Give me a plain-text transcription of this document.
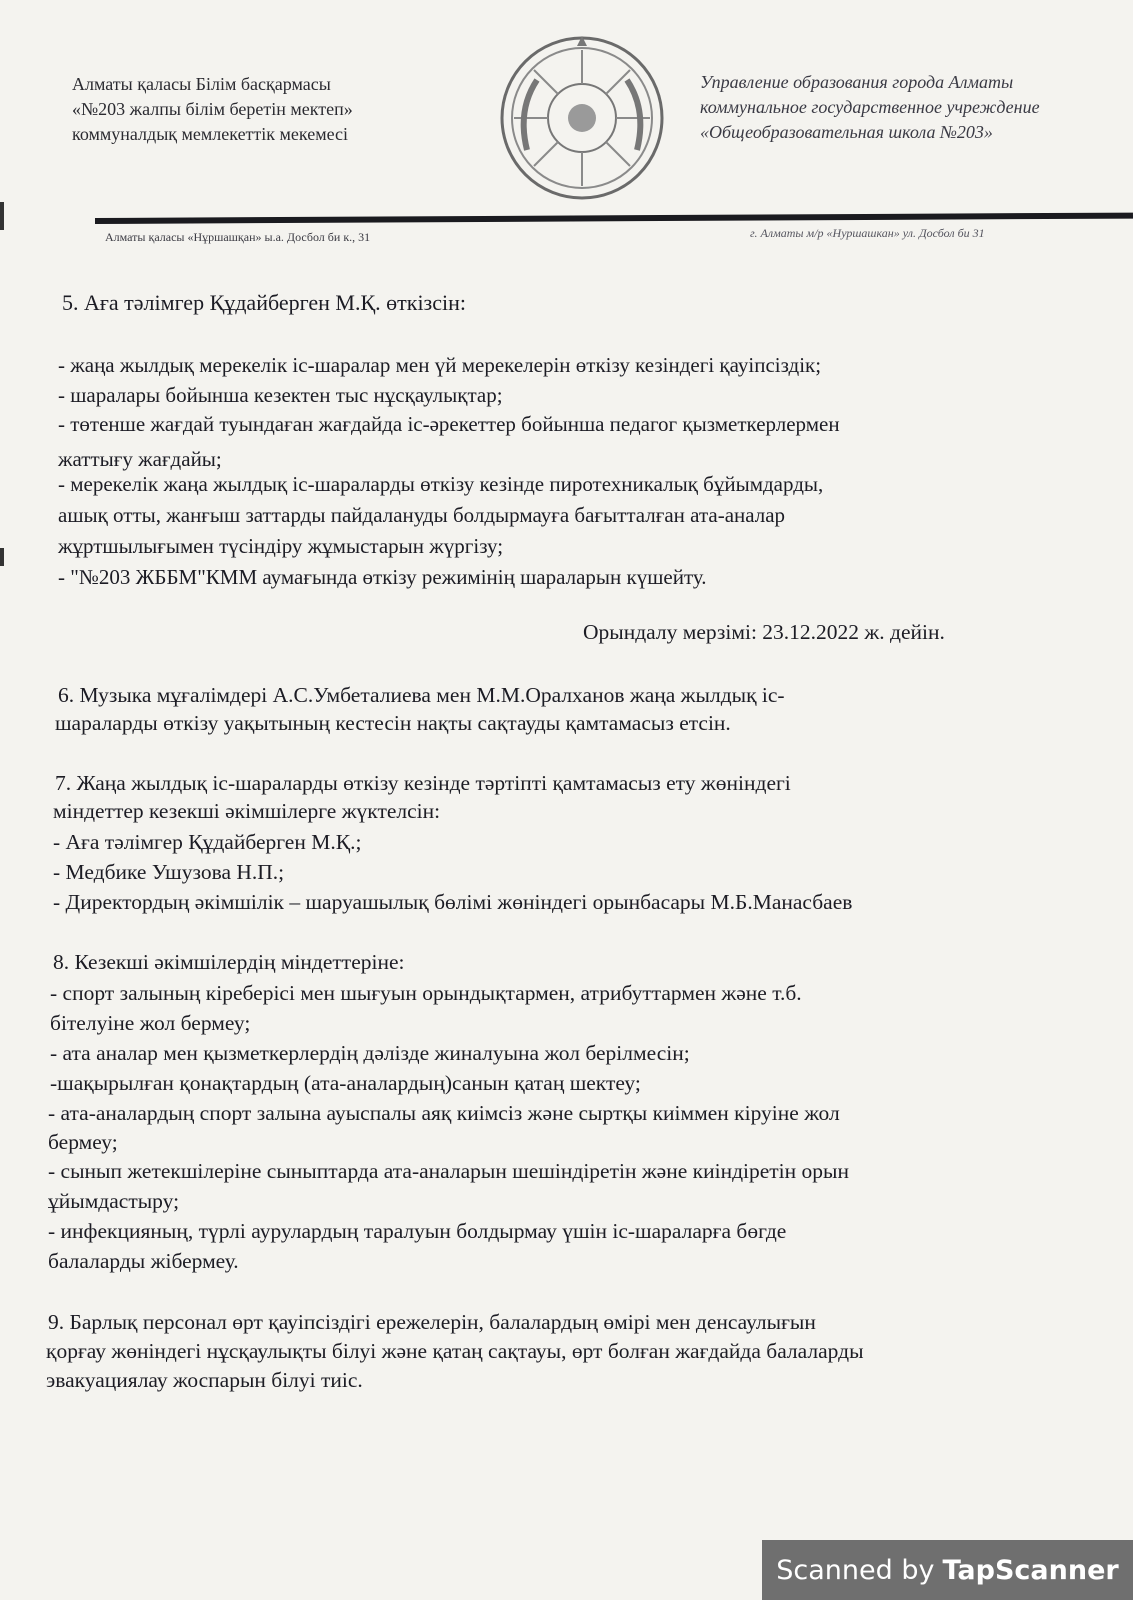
Алматы қаласы Білім басқармасы
«№203 жалпы білім беретін мектеп»
коммуналдық мемлекеттік мекемесі
Управление образования города Алматы
коммунальное государственное учреждение
«Общеобразовательная школа №203»
Алматы қаласы «Нұршашқан» ы.а. Досбол би к., 31	г. Алматы м/р «Нуршашкан» ул. Досбол би 31
5. Аға тәлімгер Құдайберген М.Қ. өткізсін:
- жаңа жылдық мерекелік іс-шаралар мен үй мерекелерін өткізу кезіндегі қауіпсіздік;
- шаралары бойынша кезектен тыс нұсқаулықтар;
- төтенше жағдай туындаған жағдайда іс-әрекеттер бойынша педагог қызметкерлермен
жаттығу жағдайы;
- мерекелік жаңа жылдық іс-шараларды өткізу кезінде пиротехникалық бұйымдарды,
ашық отты, жанғыш заттарды пайдалануды болдырмауға бағытталған ата-аналар
жұртшылығымен түсіндіру жұмыстарын жүргізу;
- "№203 ЖББМ"КММ аумағында өткізу режимінің шараларын күшейту.
Орындалу мерзімі: 23.12.2022 ж. дейін.
6. Музыка мұғалімдері А.С.Умбеталиева мен М.М.Оралханов жаңа жылдық іс-
шараларды өткізу уақытының кестесін нақты сақтауды қамтамасыз етсін.
7. Жаңа жылдық іс-шараларды өткізу кезінде тәртіпті қамтамасыз ету жөніндегі
міндеттер кезекші әкімшілерге жүктелсін:
- Аға тәлімгер Құдайберген М.Қ.;
- Медбике Ушузова Н.П.;
- Директордың әкімшілік – шаруашылық бөлімі жөніндегі орынбасары М.Б.Манасбаев
8. Кезекші әкімшілердің міндеттеріне:
- спорт залының кіреберісі мен шығуын орындықтармен, атрибуттармен және т.б.
бітелуіне жол бермеу;
- ата аналар мен қызметкерлердің дәлізде жиналуына жол берілмесін;
-шақырылған қонақтардың (ата-аналардың)санын қатаң шектеу;
- ата-аналардың спорт залына ауыспалы аяқ киімсіз және сыртқы киіммен кіруіне жол
бермеу;
- сынып жетекшілеріне сыныптарда ата-аналарын шешіндіретін және киіндіретін орын
ұйымдастыру;
- инфекцияның, түрлі аурулардың таралуын болдырмау үшін іс-шараларға бөгде
балаларды жібермеу.
9. Барлық персонал өрт қауіпсіздігі ережелерін, балалардың өмірі мен денсаулығын
қорғау жөніндегі нұсқаулықты білуі және қатаң сақтауы, өрт болған жағдайда балаларды
эвакуациялау жоспарын білуі тиіс.
Scanned by TapScanner
